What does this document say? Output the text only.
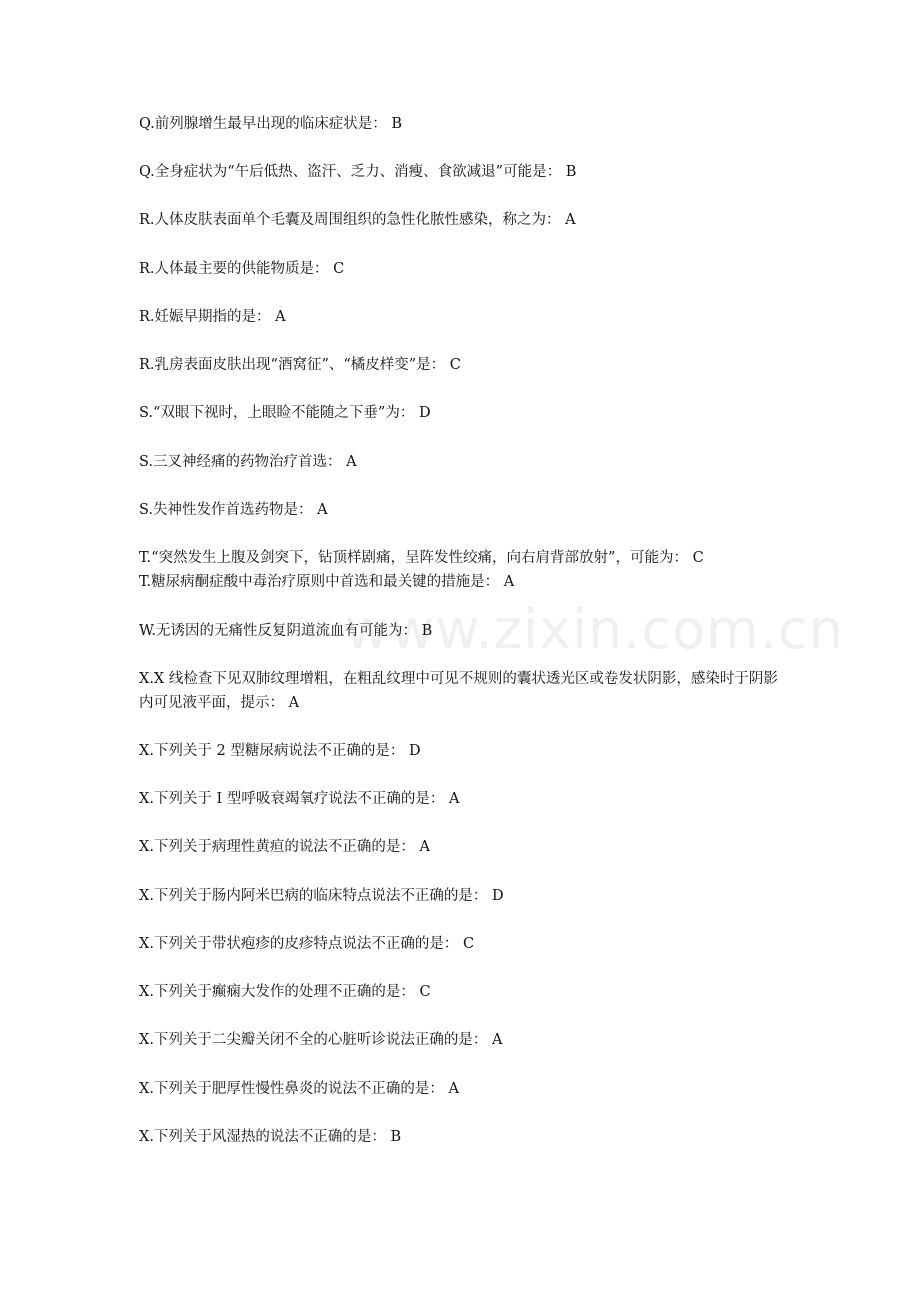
www.zixin.com.cn
Q.前列腺增生最早出现的临床症状是： B
Q.全身症状为“午后低热、盗汗、乏力、消瘦、食欲减退”可能是： B
R.人体皮肤表面单个毛囊及周围组织的急性化脓性感染，称之为： A
R.人体最主要的供能物质是： C
R.妊娠早期指的是： A
R.乳房表面皮肤出现“酒窝征”、“橘皮样变”是： C
S.“双眼下视时，上眼睑不能随之下垂”为： D
S.三叉神经痛的药物治疗首选： A
S.失神性发作首选药物是： A
T.“突然发生上腹及剑突下，钻顶样剧痛，呈阵发性绞痛，向右肩背部放射”，可能为： C
T.糖尿病酮症酸中毒治疗原则中首选和最关键的措施是： A
W.无诱因的无痛性反复阴道流血有可能为： B
X.X 线检查下见双肺纹理增粗，在粗乱纹理中可见不规则的囊状透光区或卷发状阴影，感染时于阴影内可见液平面，提示： A
X.下列关于 2 型糖尿病说法不正确的是： D
X.下列关于 I 型呼吸衰竭氧疗说法不正确的是： A
X.下列关于病理性黄疸的说法不正确的是： A
X.下列关于肠内阿米巴病的临床特点说法不正确的是： D
X.下列关于带状疱疹的皮疹特点说法不正确的是： C
X.下列关于癫痫大发作的处理不正确的是： C
X.下列关于二尖瓣关闭不全的心脏听诊说法正确的是： A
X.下列关于肥厚性慢性鼻炎的说法不正确的是： A
X.下列关于风湿热的说法不正确的是： B
